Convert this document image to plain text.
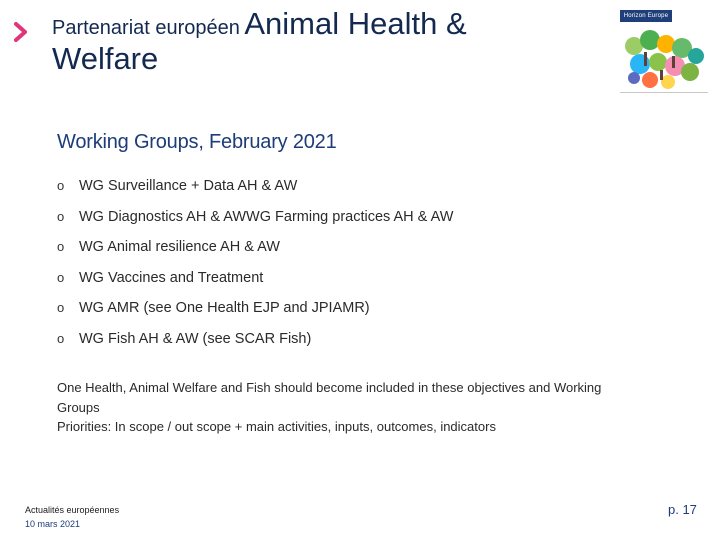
Partenariat européen Animal Health &
Welfare
Horizon Europe
Working Groups, February 2021
o	WG Surveillance + Data AH & AW
o	WG Diagnostics AH & AWWG Farming practices AH & AW
o	WG Animal resilience AH & AW
o	WG Vaccines and Treatment
o	WG AMR (see One Health EJP and JPIAMR)
o	WG Fish AH & AW (see SCAR Fish)
One Health, Animal Welfare and Fish should become included in these objectives and Working
Groups
Priorities: In scope / out scope + main activities, inputs, outcomes, indicators
Actualités européennes
10 mars 2021
p. 17
